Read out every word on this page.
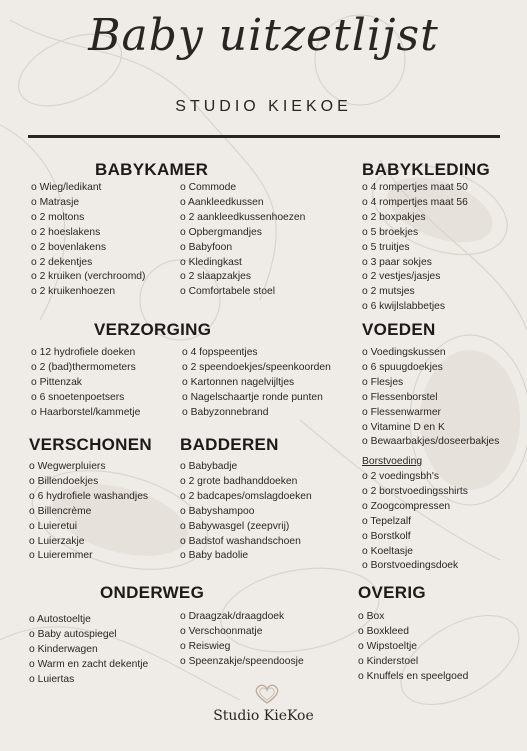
Baby uitzetlijst
STUDIO KIEKOE
BABYKAMER
o Wieg/ledikant
o Matrasje
o 2 moltons
o 2 hoeslakens
o 2 bovenlakens
o 2 dekentjes
o 2 kruiken (verchroomd)
o 2 kruikenhoezen
o Commode
o Aankleedkussen
o 2 aankleedkussenhoezen
o Opbergmandjes
o Babyfoon
o Kledingkast
o 2 slaapzakjes
o Comfortabele stoel
BABYKLEDING
o 4 rompertjes maat 50
o 4 rompertjes maat 56
o 2 boxpakjes
o 5 broekjes
o 5 truitjes
o 3 paar sokjes
o 2 vestjes/jasjes
o 2 mutsjes
o 6 kwijlslabbetjes
VERZORGING
o 12 hydrofiele doeken
o 2 (bad)thermometers
o Pittenzak
o 6 snoetenpoetsers
o Haarborstel/kammetje
o 4 fopspeentjes
o 2 speendoekjes/speenkoorden
o Kartonnen nagelvijltjes
o Nagelschaartje ronde punten
o Babyzonnebrand
VOEDEN
o Voedingskussen
o 6 spuugdoekjes
o Flesjes
o Flessenborstel
o Flessenwarmer
o Vitamine D en K
o Bewaarbakjes/doseerbakjes
Borstvoeding
o 2 voedingsbh's
o 2 borstvoedingsshirts
o Zoogcompressen
o Tepelzalf
o Borstkolf
o Koeltasje
o Borstvoedingsdoek
VERSCHONEN
o Wegwerpluiers
o Billendoekjes
o 6 hydrofiele washandjes
o Billencrème
o Luieretui
o Luierzakje
o Luieremmer
BADDEREN
o Babybadje
o 2 grote badhanddoeken
o 2 badcapes/omslagdoeken
o Babyshampoo
o Babywasgel (zeepvrij)
o Badstof washandschoen
o Baby badolie
ONDERWEG
o Autostoeltje
o Baby autospiegel
o Kinderwagen
o Warm en zacht dekentje
o Luiertas
o Draagzak/draagdoek
o Verschoonmatje
o Reiswieg
o Speenzakje/speendoosje
OVERIG
o Box
o Boxkleed
o Wipstoeltje
o Kinderstoel
o Knuffels en speelgoed
Studio KieKoe
